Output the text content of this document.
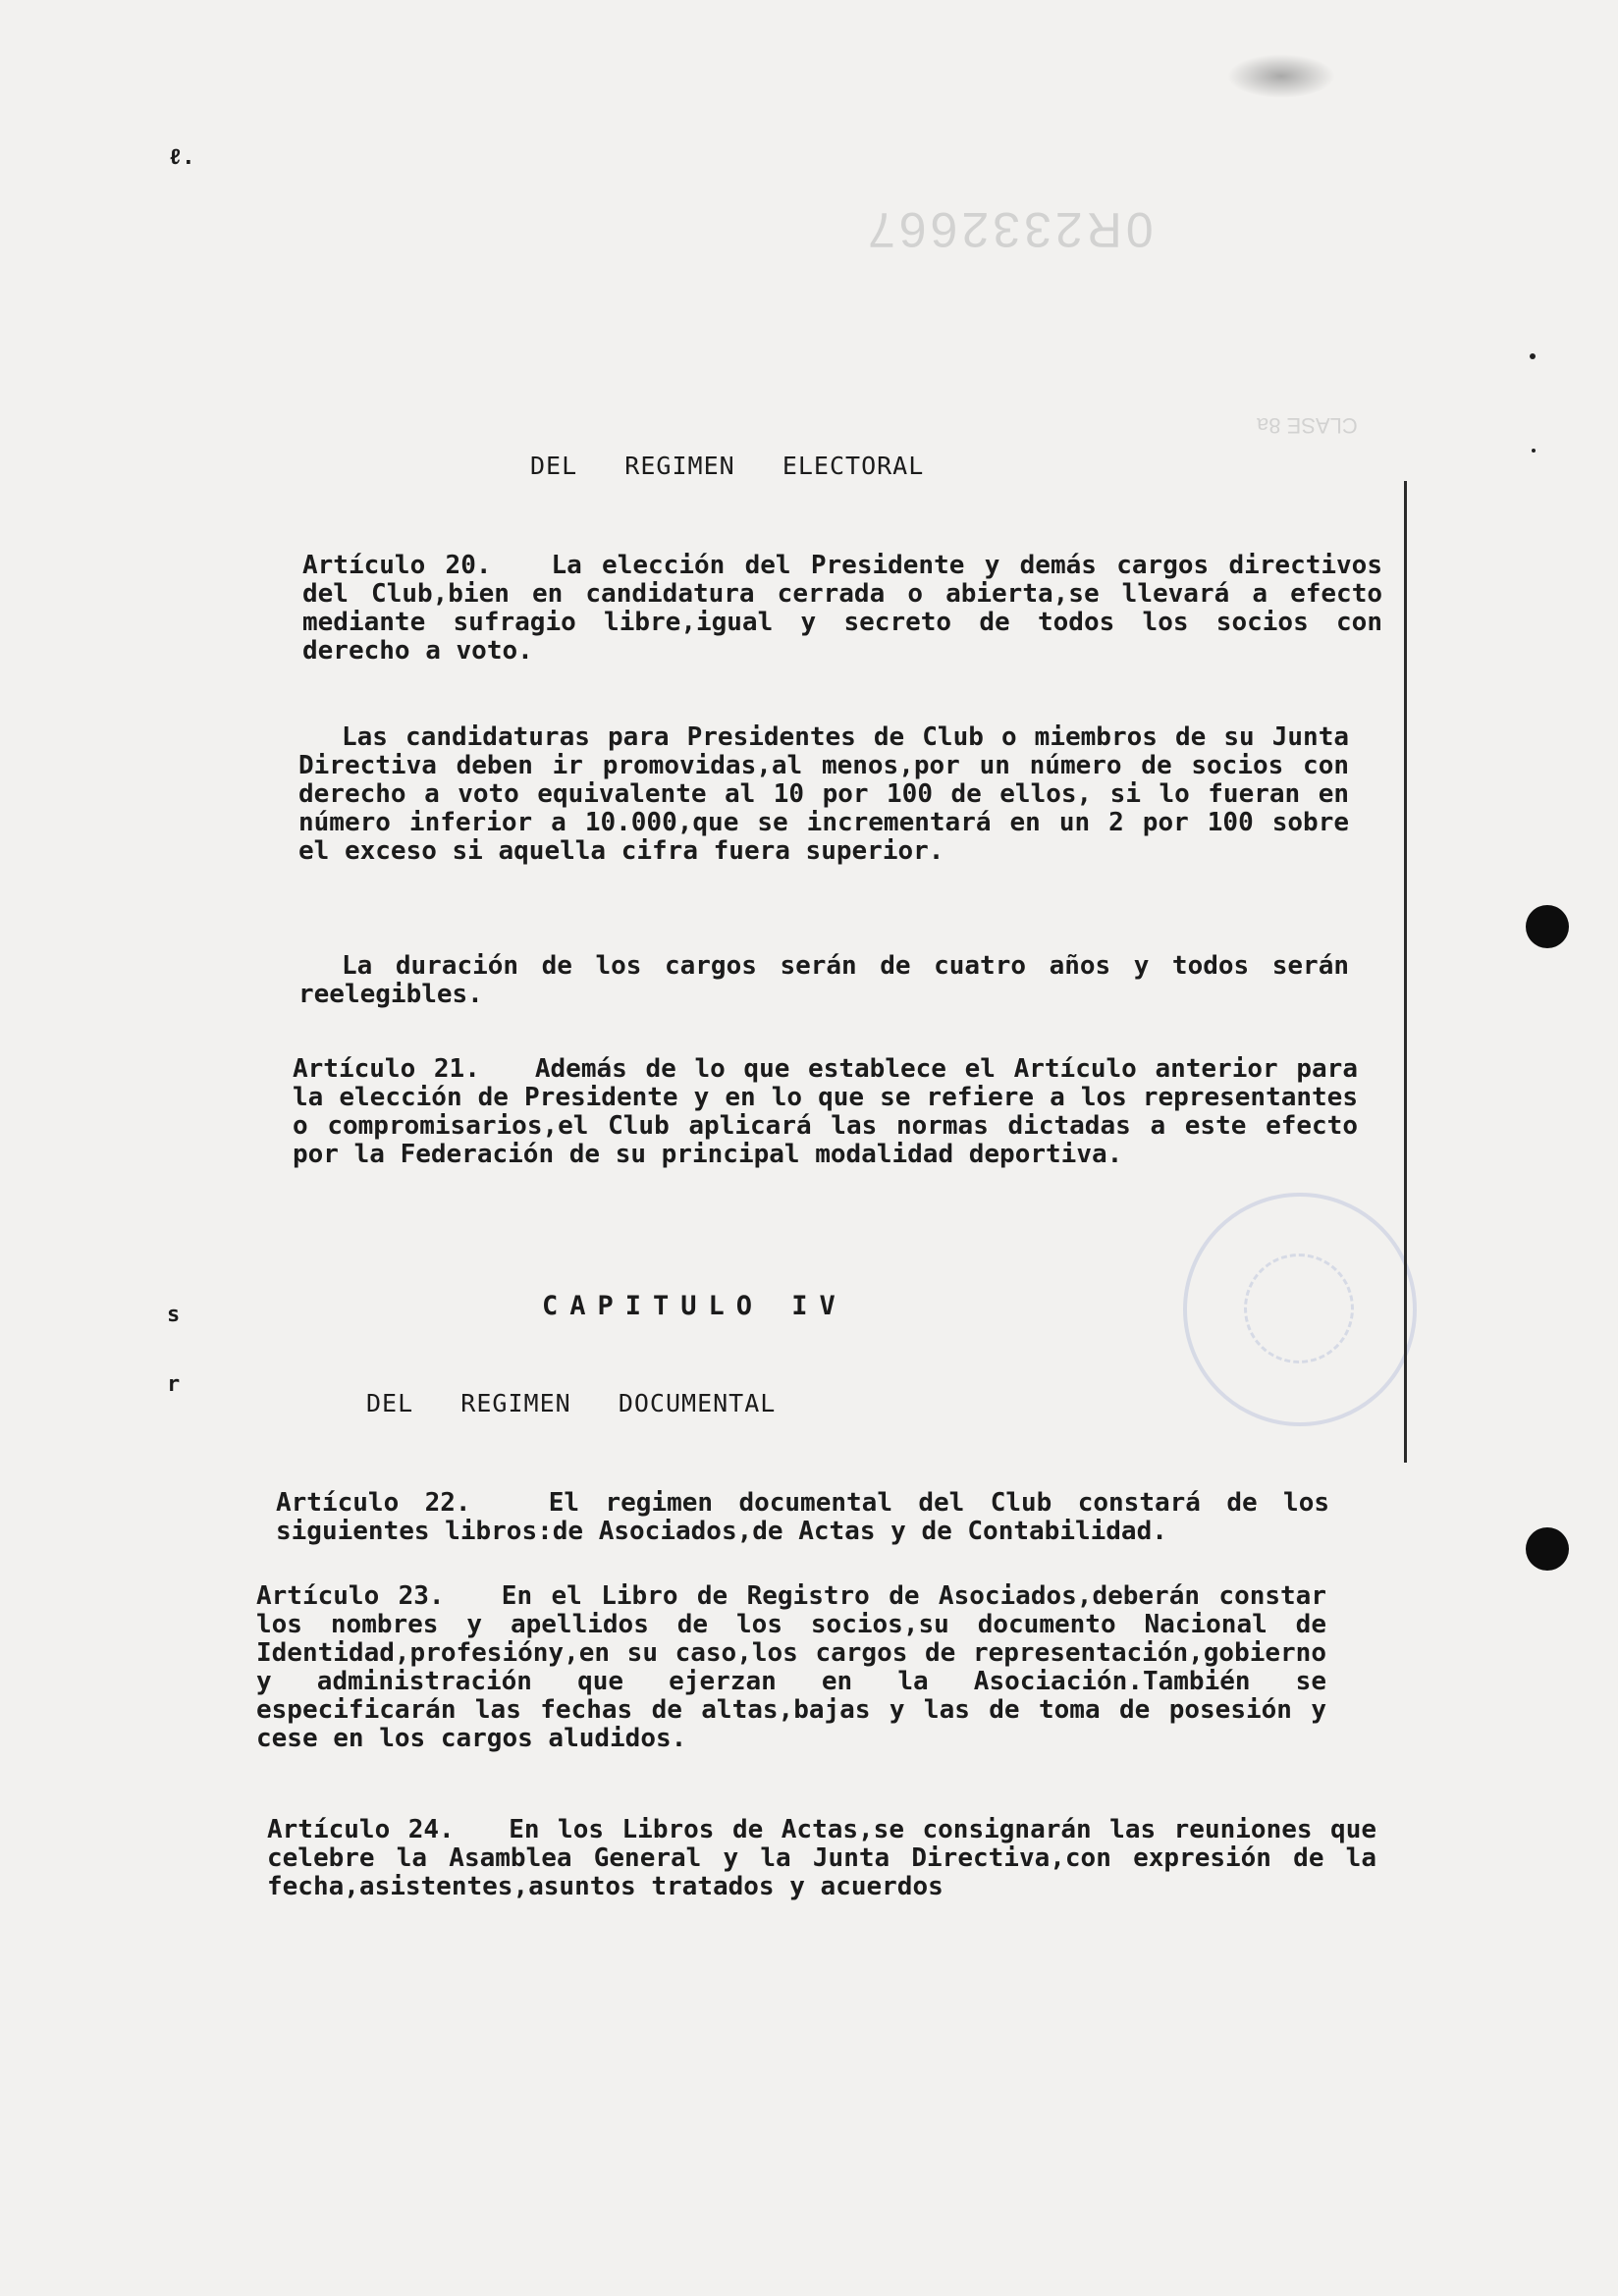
0R2332667
CLASE 8a
ℓ.
DEL   REGIMEN   ELECTORAL

Artículo 20. La elección del Presidente y demás cargos directivos del Club,bien en candidatura cerrada o abierta,se llevará a efecto mediante sufragio libre,igual y secreto de todos los socios con derecho a voto.

Las candidaturas para Presidentes de Club o miembros de su Junta Directiva deben ir promovidas,al menos,por un número de socios con derecho a voto equivalente al 10 por 100 de ellos, si lo fueran en número inferior a 10.000,que se incrementará en un 2 por 100 sobre el exceso si aquella cifra fuera superior.

La duración de los cargos serán de cuatro años y todos serán reelegibles.

Artículo 21. Además de lo que establece el Artículo anterior para la elección de Presidente y en lo que se refiere a los representantes o compromisarios,el Club aplicará las normas dictadas a este efecto por la Federación de su principal modalidad deportiva.

s	CAPITULO IV
r
DEL   REGIMEN   DOCUMENTAL

Artículo 22.	El regimen documental del Club constará de los siguientes libros:de Asociados,de Actas y de Contabilidad.

Artículo 23. En el Libro de Registro de Asociados,deberán constar los nombres y apellidos de los socios,su documento Nacional de Identidad,profesióny,en su caso,los cargos de representación,gobierno y administración que ejerzan en la Asociación.También se especificarán las fechas de altas,bajas y las de toma de posesión y cese en los cargos aludidos.

Artículo 24. En los Libros de Actas,se consignarán las reuniones que celebre la Asamblea General y la Junta Directiva,con expresión de la fecha,asistentes,asuntos tratados y acuerdos
